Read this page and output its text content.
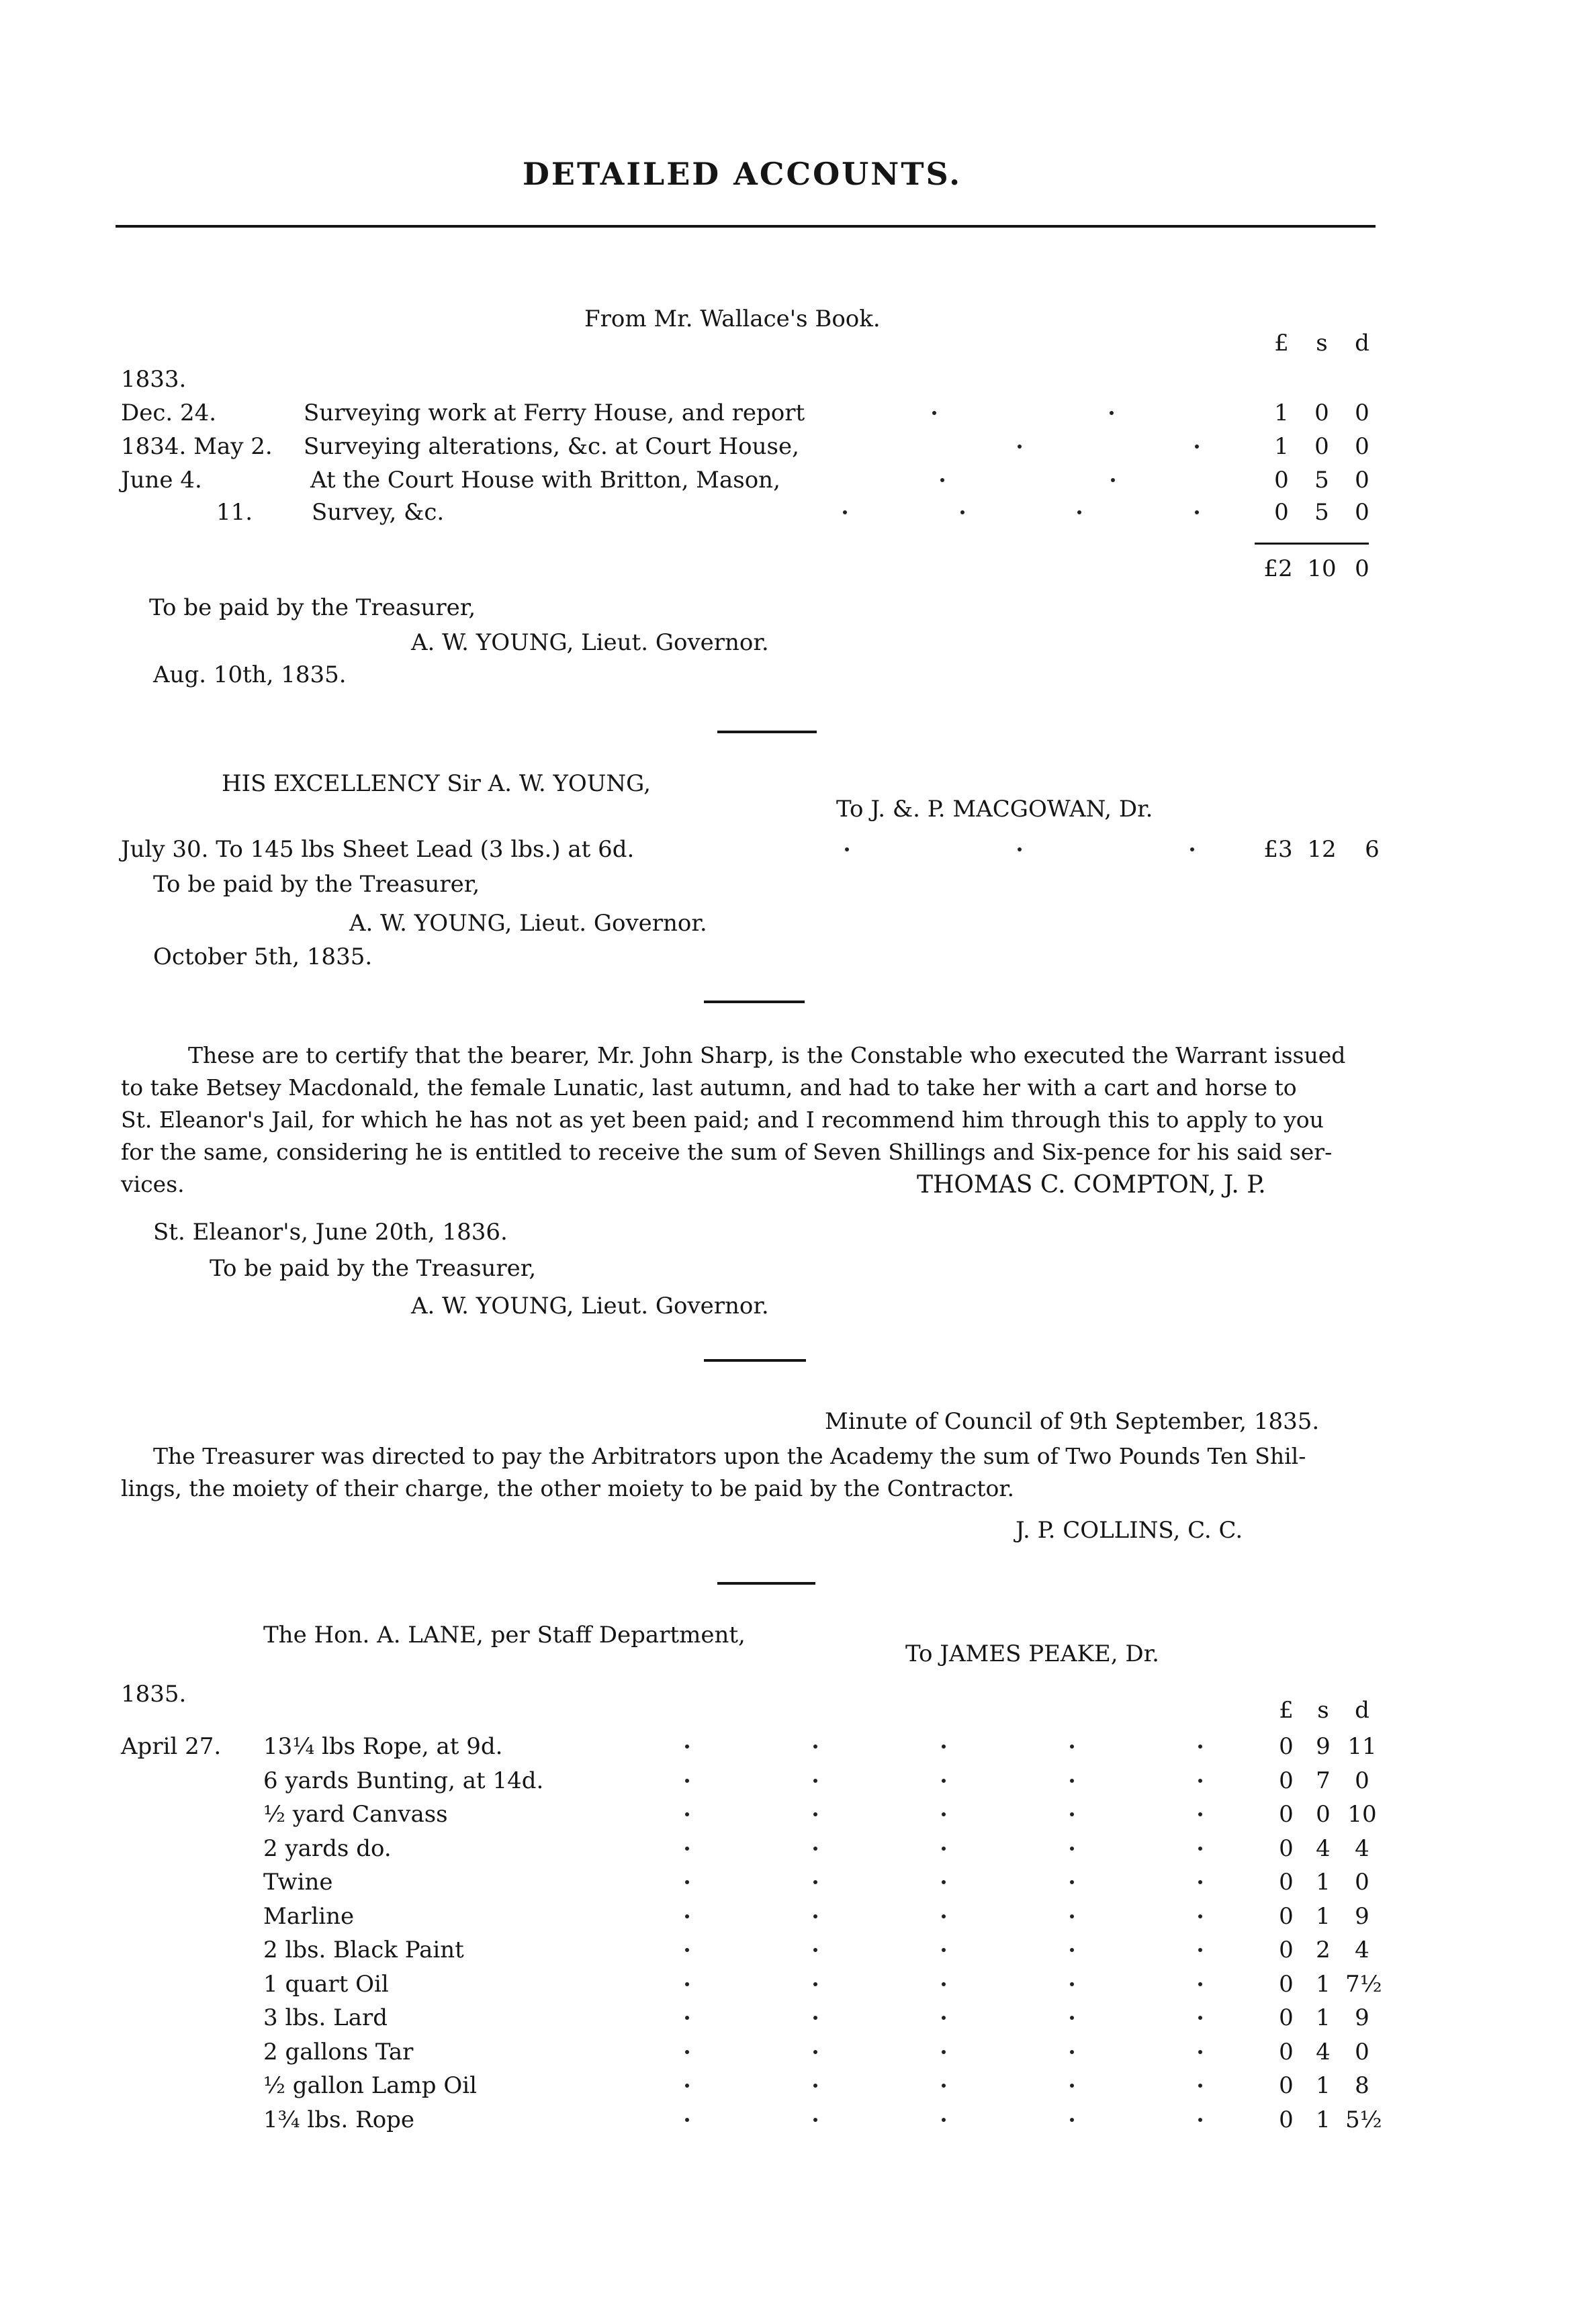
DETAILED ACCOUNTS.
From Mr. Wallace's Book.
£	s	d
1833.
Dec. 24.	Surveying work at Ferry House, and report	1	0	0
1834. May 2. Surveying alterations, &c. at Court House,	1	0	0
June 4.	At the Court House with Britton, Mason,	0	5	0
11.	Survey, &c.	0	5	0
£2 10 0
To be paid by the Treasurer,
A. W. YOUNG, Lieut. Governor.
Aug. 10th, 1835.
HIS EXCELLENCY Sir A. W. YOUNG,
To J. &. P. MACGOWAN, Dr.
July 30. To 145 lbs Sheet Lead (3 lbs.) at 6d.	£3 12	6
To be paid by the Treasurer,
A. W. YOUNG, Lieut. Governor.
October 5th, 1835.
These are to certify that the bearer, Mr. John Sharp, is the Constable who executed the Warrant issued
to take Betsey Macdonald, the female Lunatic, last autumn, and had to take her with a cart and horse to
St. Eleanor's Jail, for which he has not as yet been paid; and I recommend him through this to apply to you
for the same, considering he is entitled to receive the sum of Seven Shillings and Six-pence for his said ser-
vices.	THOMAS C. COMPTON, J. P.
St. Eleanor's, June 20th, 1836.
To be paid by the Treasurer,
A. W. YOUNG, Lieut. Governor.
Minute of Council of 9th September, 1835.
The Treasurer was directed to pay the Arbitrators upon the Academy the sum of Two Pounds Ten Shil-
lings, the moiety of their charge, the other moiety to be paid by the Contractor.
J. P. COLLINS, C. C.
The Hon. A. LANE, per Staff Department,
To JAMES PEAKE, Dr.
1835.
£	s	d
April 27. 13¼ lbs Rope, at 9d.	0 9 11
6 yards Bunting, at 14d.	0 7	0
½ yard Canvass	0 0 10
2 yards do.	0 4	4
Twine	0 1	0
Marline	0 1	9
2 lbs. Black Paint	0 2	4
1 quart Oil	0 1 7½
3 lbs. Lard	0 1	9
2 gallons Tar	0 4	0
½ gallon Lamp Oil	0 1	8
1¾ lbs. Rope	0 1 5½
